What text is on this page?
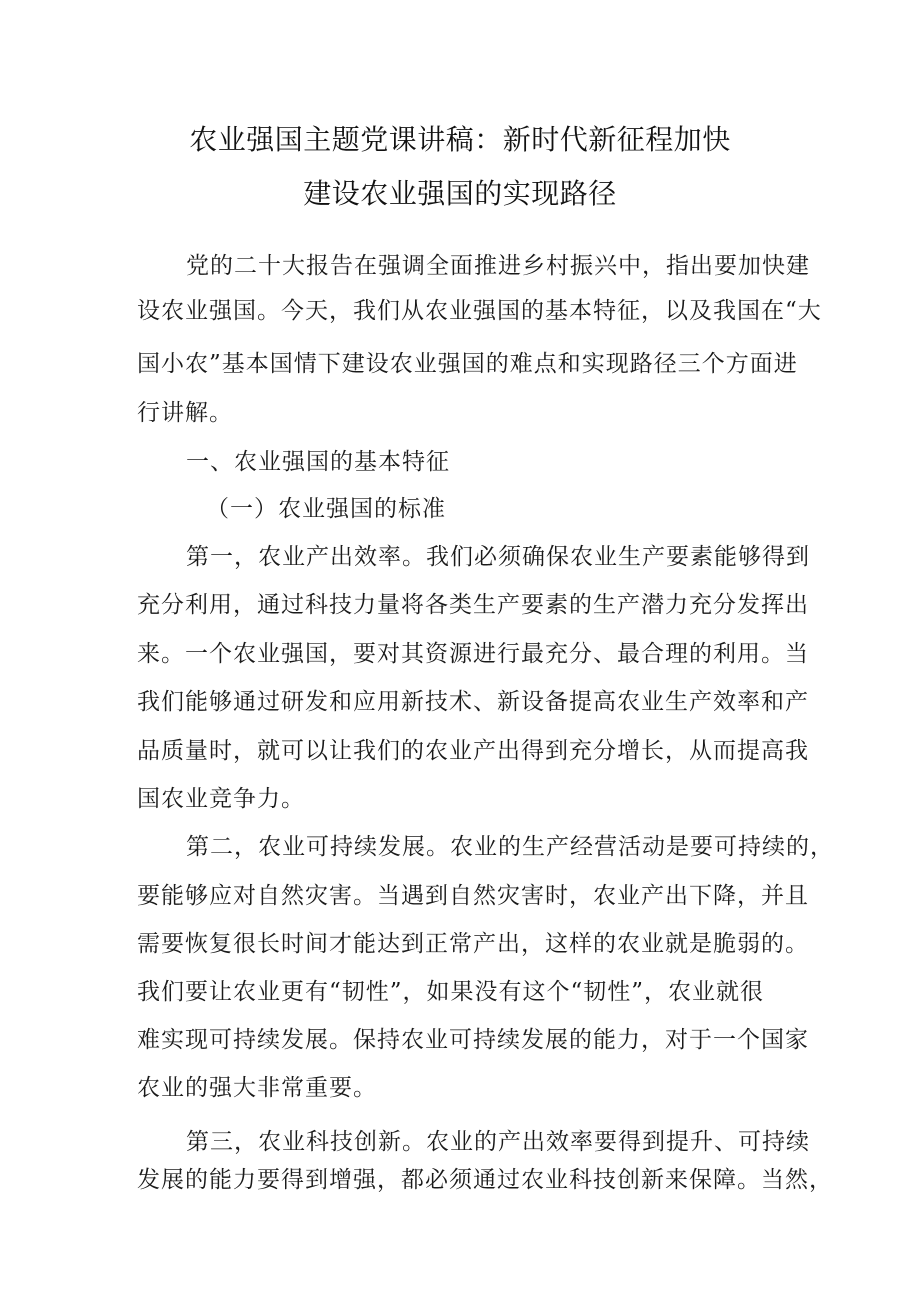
农业强国主题党课讲稿：新时代新征程加快
建设农业强国的实现路径
党的二十大报告在强调全面推进乡村振兴中，指出要加快建
设农业强国。今天，我们从农业强国的基本特征，以及我国在“大
国小农”基本国情下建设农业强国的难点和实现路径三个方面进
行讲解。
一、农业强国的基本特征
（一）农业强国的标准
第一，农业产出效率。我们必须确保农业生产要素能够得到
充分利用，通过科技力量将各类生产要素的生产潜力充分发挥出
来。一个农业强国，要对其资源进行最充分、最合理的利用。当
我们能够通过研发和应用新技术、新设备提高农业生产效率和产
品质量时，就可以让我们的农业产出得到充分增长，从而提高我
国农业竞争力。
第二，农业可持续发展。农业的生产经营活动是要可持续的，
要能够应对自然灾害。当遇到自然灾害时，农业产出下降，并且
需要恢复很长时间才能达到正常产出，这样的农业就是脆弱的。
我们要让农业更有“韧性”，如果没有这个“韧性”，农业就很
难实现可持续发展。保持农业可持续发展的能力，对于一个国家
农业的强大非常重要。
第三，农业科技创新。农业的产出效率要得到提升、可持续
发展的能力要得到增强，都必须通过农业科技创新来保障。当然，
